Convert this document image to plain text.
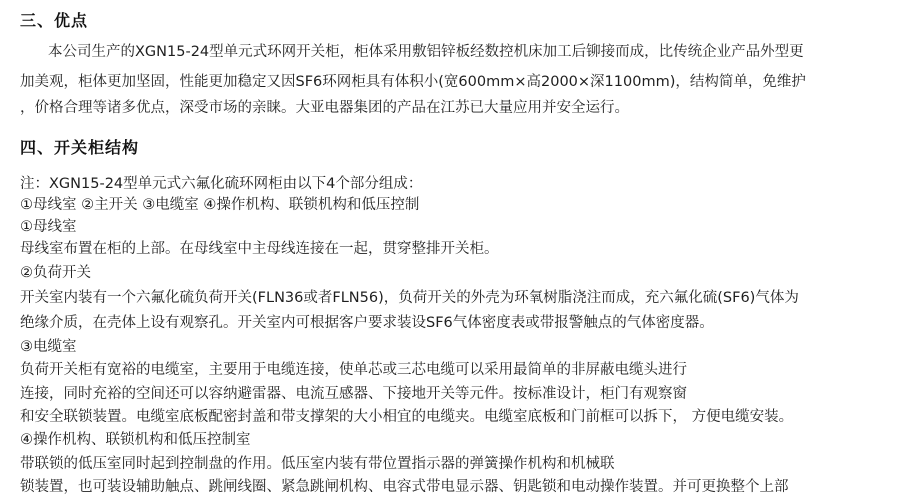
三、优点
本公司生产的XGN15-24型单元式环网开关柜，柜体采用敷铝锌板经数控机床加工后铆接而成，比传统企业产品外型更
加美观，柜体更加坚固，性能更加稳定又因SF6环网柜具有体积小(宽600mm×高2000×深1100mm)，结构简单，免维护
，价格合理等诸多优点，深受市场的亲睐。大亚电器集团的产品在江苏已大量应用并安全运行。
四、开关柜结构
注：XGN15-24型单元式六氟化硫环网柜由以下4个部分组成：
①母线室 ②主开关 ③电缆室 ④操作机构、联锁机构和低压控制
①母线室
母线室布置在柜的上部。在母线室中主母线连接在一起，贯穿整排开关柜。
②负荷开关
开关室内装有一个六氟化硫负荷开关(FLN36或者FLN56)，负荷开关的外壳为环氧树脂浇注而成，充六氟化硫(SF6)气体为
绝缘介质，在壳体上设有观察孔。开关室内可根据客户要求装设SF6气体密度表或带报警触点的气体密度器。
③电缆室
负荷开关柜有宽裕的电缆室，主要用于电缆连接，使单芯或三芯电缆可以采用最简单的非屏蔽电缆头进行
连接，同时充裕的空间还可以容纳避雷器、电流互感器、下接地开关等元件。按标准设计，柜门有观察窗
和安全联锁装置。电缆室底板配密封盖和带支撑架的大小相宜的电缆夹。电缆室底板和门前框可以拆下， 方便电缆安装。
④操作机构、联锁机构和低压控制室
带联锁的低压室同时起到控制盘的作用。低压室内装有带位置指示器的弹簧操作机构和机械联
锁装置，也可装设辅助触点、跳闸线圈、紧急跳闸机构、电容式带电显示器、钥匙锁和电动操作装置。并可更换整个上部
